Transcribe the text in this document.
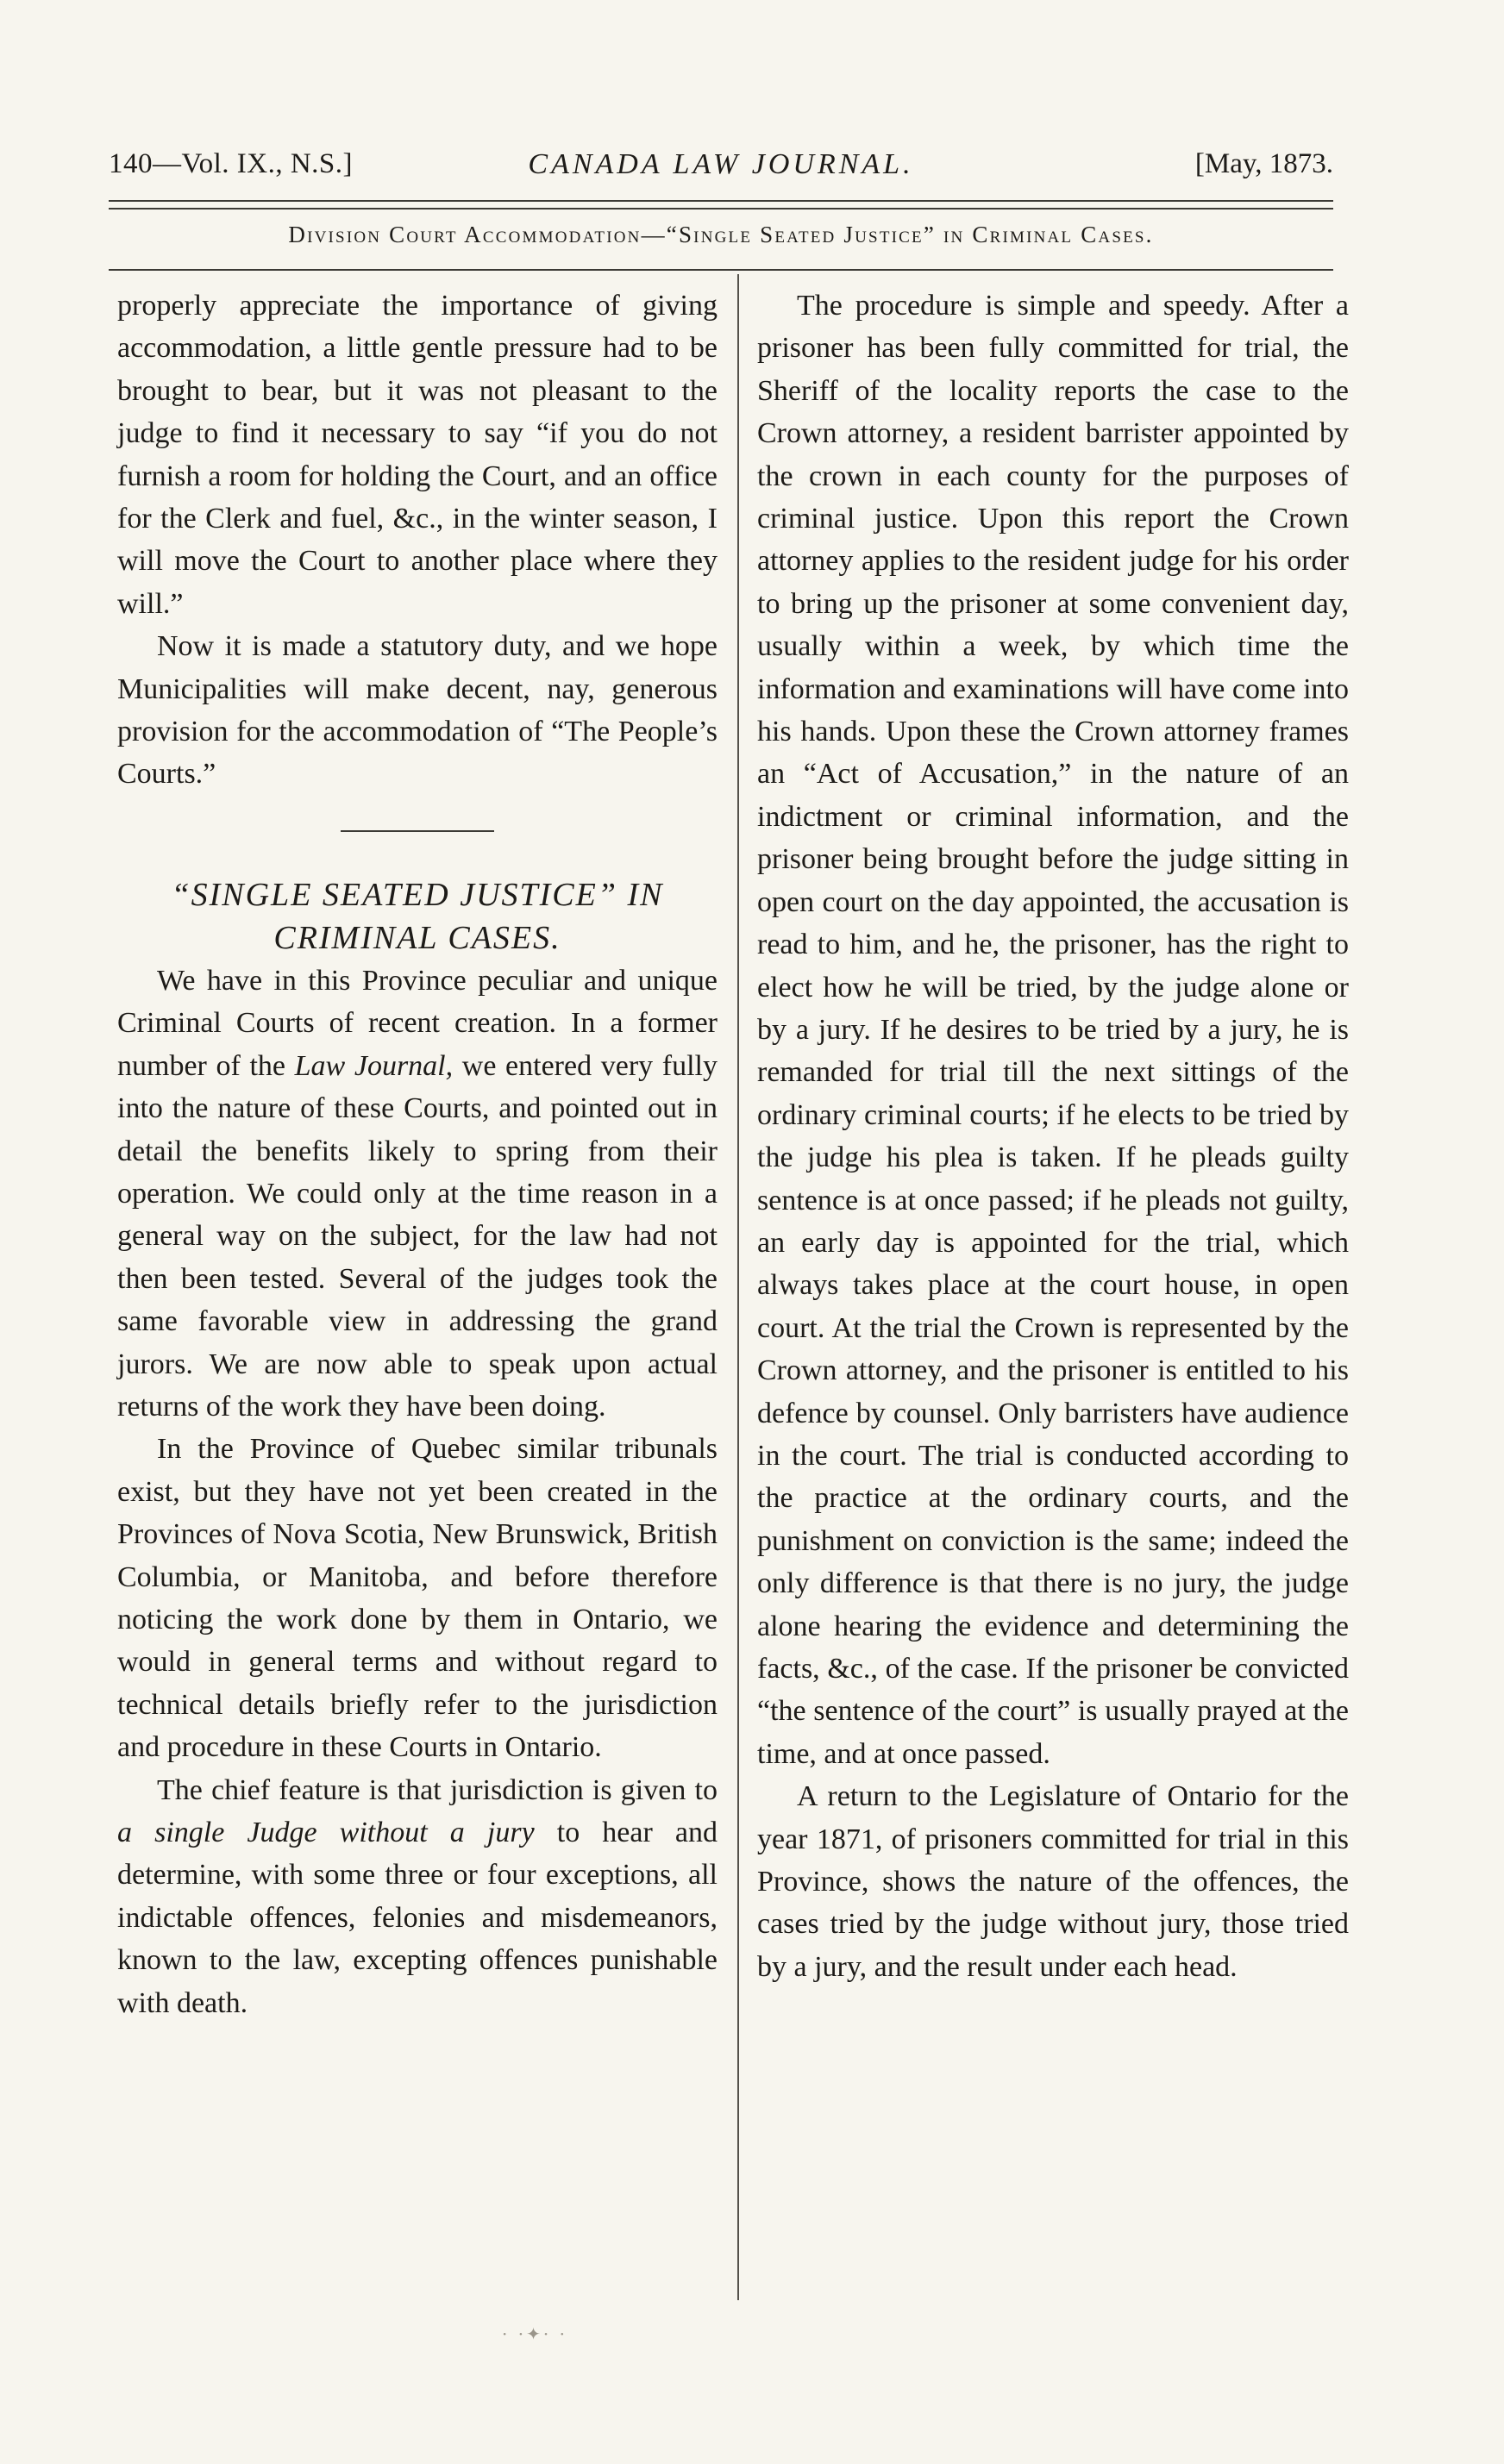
140—Vol. IX., N.S.]	CANADA LAW JOURNAL.	[May, 1873.
Division Court Accommodation—“Single Seated Justice” in Criminal Cases.

properly appreciate the importance of giving accommodation, a little gentle pressure had to be brought to bear, but it was not pleasant to the judge to find it necessary to say “if you do not furnish a room for holding the Court, and an office for the Clerk and fuel, &c., in the winter season, I will move the Court to another place where they will.”

Now it is made a statutory duty, and we hope Municipalities will make decent, nay, generous provision for the accommodation of “The People’s Courts.”

“SINGLE SEATED JUSTICE” IN
CRIMINAL CASES.

We have in this Province peculiar and unique Criminal Courts of recent creation. In a former number of the Law Journal, we entered very fully into the nature of these Courts, and pointed out in detail the benefits likely to spring from their operation. We could only at the time reason in a general way on the subject, for the law had not then been tested. Several of the judges took the same favorable view in addressing the grand jurors. We are now able to speak upon actual returns of the work they have been doing.

In the Province of Quebec similar tribunals exist, but they have not yet been created in the Provinces of Nova Scotia, New Brunswick, British Columbia, or Manitoba, and before therefore noticing the work done by them in Ontario, we would in general terms and without regard to technical details briefly refer to the jurisdiction and procedure in these Courts in Ontario.

The chief feature is that jurisdiction is given to a single Judge without a jury to hear and determine, with some three or four exceptions, all indictable offences, felonies and misdemeanors, known to the law, excepting offences punishable with death.

The procedure is simple and speedy. After a prisoner has been fully committed for trial, the Sheriff of the locality reports the case to the Crown attorney, a resident barrister appointed by the crown in each county for the purposes of criminal justice. Upon this report the Crown attorney applies to the resident judge for his order to bring up the prisoner at some convenient day, usually within a week, by which time the information and examinations will have come into his hands. Upon these the Crown attorney frames an “Act of Accusation,” in the nature of an indictment or criminal information, and the prisoner being brought before the judge sitting in open court on the day appointed, the accusation is read to him, and he, the prisoner, has the right to elect how he will be tried, by the judge alone or by a jury. If he desires to be tried by a jury, he is remanded for trial till the next sittings of the ordinary criminal courts; if he elects to be tried by the judge his plea is taken. If he pleads guilty sentence is at once passed; if he pleads not guilty, an early day is appointed for the trial, which always takes place at the court house, in open court. At the trial the Crown is represented by the Crown attorney, and the prisoner is entitled to his defence by counsel. Only barristers have audience in the court. The trial is conducted according to the practice at the ordinary courts, and the punishment on conviction is the same; indeed the only difference is that there is no jury, the judge alone hearing the evidence and determining the facts, &c., of the case. If the prisoner be convicted “the sentence of the court” is usually prayed at the time, and at once passed.

A return to the Legislature of Ontario for the year 1871, of prisoners committed for trial in this Province, shows the nature of the offences, the cases tried by the judge without jury, those tried by a jury, and the result under each head.

· ·✦· ·
